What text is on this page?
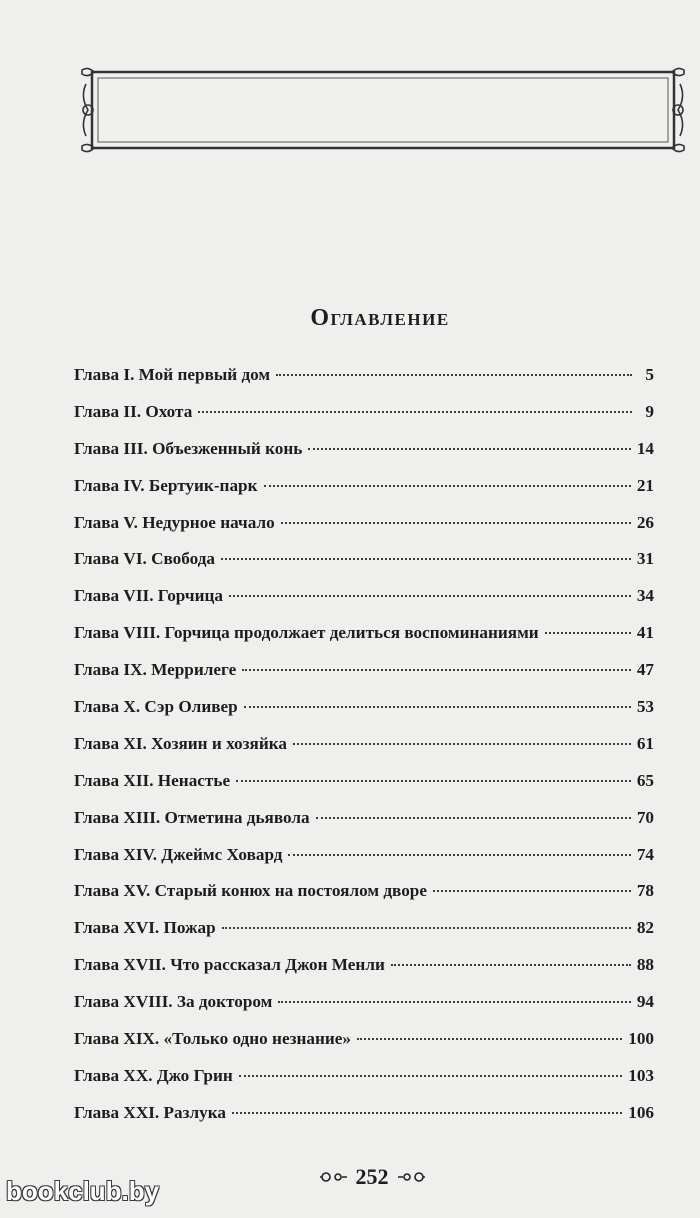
Оглавление
Глава I. Мой первый дом	5
Глава II. Охота	9
Глава III. Объезженный конь	14
Глава IV. Бертуик-парк	21
Глава V. Недурное начало	26
Глава VI. Свобода	31
Глава VII. Горчица	34
Глава VIII. Горчица продолжает делиться воспоминаниями	41
Глава IX. Меррилеге	47
Глава X. Сэр Оливер	53
Глава XI. Хозяин и хозяйка	61
Глава XII. Ненастье	65
Глава XIII. Отметина дьявола	70
Глава XIV. Джеймс Ховард	74
Глава XV. Старый конюх на постоялом дворе	78
Глава XVI. Пожар	82
Глава XVII. Что рассказал Джон Менли	88
Глава XVIII. За доктором	94
Глава XIX. «Только одно незнание»	100
Глава XX. Джо Грин	103
Глава XXI. Разлука	106
252
bookclub.by
